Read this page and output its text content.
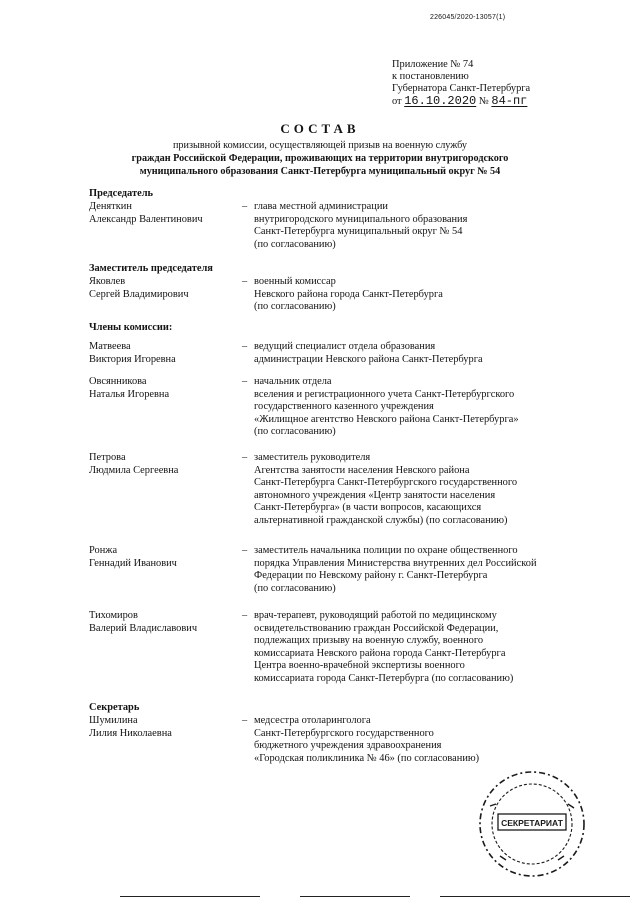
226045/2020-13057(1)
Приложение № 74
к постановлению
Губернатора Санкт-Петербурга
от 16.10.2020 № 84-пг
СОСТАВ
призывной комиссии, осуществляющей призыв на военную службу
граждан Российской Федерации, проживающих на территории внутригородского
муниципального образования Санкт-Петербурга муниципальный округ № 54
Председатель
Деняткин
Александр Валентинович
– глава местной администрации
внутригородского муниципального образования
Санкт-Петербурга муниципальный округ № 54
(по согласованию)
Заместитель председателя
Яковлев
Сергей Владимирович
– военный комиссар
Невского района города Санкт-Петербурга
(по согласованию)
Члены комиссии:
Матвеева
Виктория Игоревна
– ведущий специалист отдела образования
администрации Невского района Санкт-Петербурга
Овсянникова
Наталья Игоревна
– начальник отдела
вселения и регистрационного учета Санкт-Петербургского
государственного казенного учреждения
«Жилищное агентство Невского района Санкт-Петербурга»
(по согласованию)
Петрова
Людмила Сергеевна
– заместитель руководителя
Агентства занятости населения Невского района
Санкт-Петербурга Санкт-Петербургского государственного
автономного учреждения «Центр занятости населения
Санкт-Петербурга» (в части вопросов, касающихся
альтернативной гражданской службы) (по согласованию)
Ронжа
Геннадий Иванович
– заместитель начальника полиции по охране общественного
порядка Управления Министерства внутренних дел Российской
Федерации по Невскому району г. Санкт-Петербурга
(по согласованию)
Тихомиров
Валерий Владиславович
– врач-терапевт, руководящий работой по медицинскому
освидетельствованию граждан Российской Федерации,
подлежащих призыву на военную службу, военного
комиссариата Невского района города Санкт-Петербурга
Центра военно-врачебной экспертизы военного
комиссариата города Санкт-Петербурга (по согласованию)
Секретарь
Шумилина
Лилия Николаевна
– медсестра отоларинголога
Санкт-Петербургского государственного
бюджетного учреждения здравоохранения
«Городская поликлиника № 46» (по согласованию)
СЕКРЕТАРИАТ
